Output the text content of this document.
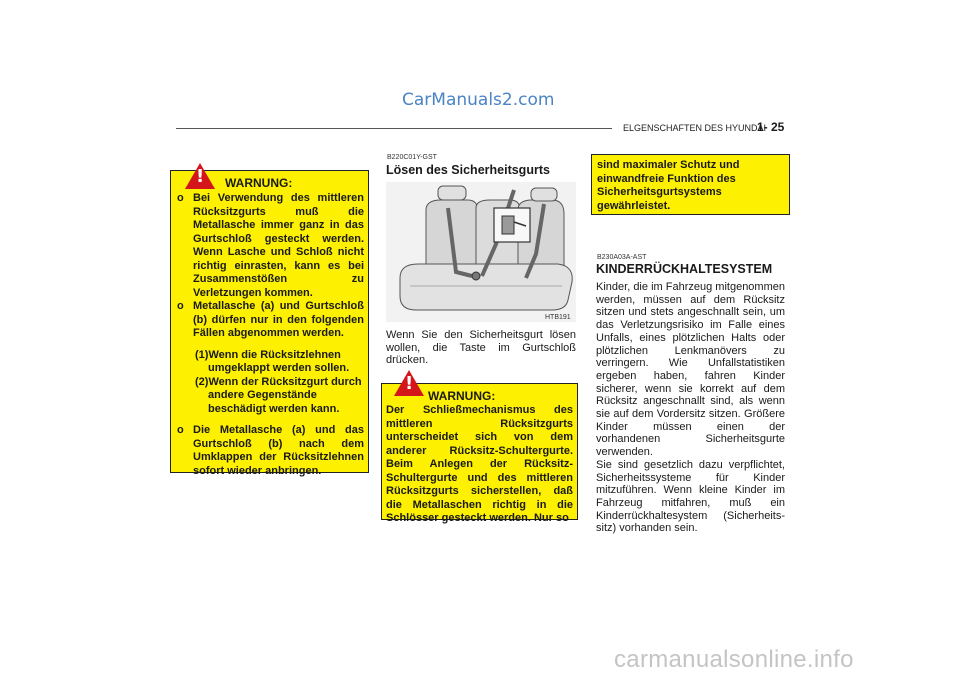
CarManuals2.com
ELGENSCHAFTEN DES HYUNDAI
1- 25
! WARNUNG:
o Bei Verwendung des mittleren Rücksitzgurts muß die Metallasche immer ganz in das Gurtschloß gesteckt werden. Wenn Lasche und Schloß nicht richtig einrasten, kann es bei Zusammenstößen zu Verletzungen kommen.
o Metallasche (a) und Gurtschloß (b) dürfen nur in den folgenden Fällen abgenommen werden.
(1)Wenn die Rücksitzlehnen umgeklappt werden sollen.
(2)Wenn der Rücksitzgurt durch andere Gegenstände beschädigt werden kann.
o Die Metallasche (a) und das Gurtschloß (b) nach dem Umklappen der Rücksitzlehnen sofort wieder anbringen.
B220C01Y-GST
Lösen des Sicherheitsgurts
HTB191
Wenn Sie den Sicherheitsgurt lösen wollen, die Taste im Gurtschloß drücken.
!
WARNUNG:
Der Schließmechanismus des mittleren Rücksitzgurts unterscheidet sich von dem anderer Rücksitz-Schultergurte. Beim Anlegen der Rücksitz-Schultergurte und des mittleren Rücksitzgurts sicherstellen, daß die Metallaschen richtig in die Schlösser gesteckt werden. Nur so
sind maximaler Schutz und einwandfreie Funktion des Sicherheitsgurtsystems gewährleistet.
B230A03A-AST
KINDERRÜCKHALTESYSTEM
Kinder, die im Fahrzeug mitgenommen werden, müssen auf dem Rücksitz sitzen und stets angeschnallt sein, um das Verletzungsrisiko im Falle eines Unfalls, eines plötzlichen Halts oder plötzlichen Lenkmanövers zu verringern. Wie Unfallstatistiken ergeben haben, fahren Kinder sicherer, wenn sie korrekt auf dem Rücksitz angeschnallt sind, als wenn sie auf dem Vordersitz sitzen. Größere Kinder müssen einen der vorhandenen Sicherheitsgurte verwenden.
Sie sind gesetzlich dazu verpflichtet, Sicherheitssysteme für Kinder mitzuführen. Wenn kleine Kinder im Fahrzeug mitfahren, muß ein Kinderrückhaltesystem (Sicherheits-sitz) vorhanden sein.
carmanualsonline.info
